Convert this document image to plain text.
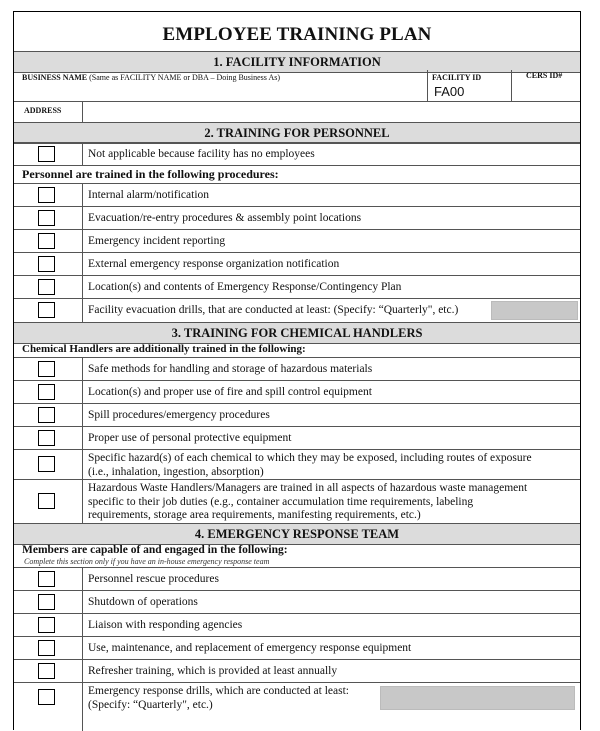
EMPLOYEE TRAINING PLAN
1. FACILITY INFORMATION
BUSINESS NAME (Same as FACILITY NAME or DBA – Doing Business As)	FACILITY ID
FA00
CERS ID#
ADDRESS
2. TRAINING FOR PERSONNEL
Not applicable because facility has no employees
Personnel are trained in the following procedures:
Internal alarm/notification
Evacuation/re-entry procedures & assembly point locations
Emergency incident reporting
External emergency response organization notification
Location(s) and contents of Emergency Response/Contingency Plan
Facility evacuation drills, that are conducted at least: (Specify: “Quarterly", etc.)
3. TRAINING FOR CHEMICAL HANDLERS
Chemical Handlers are additionally trained in the following:
Safe methods for handling and storage of hazardous materials
Location(s) and proper use of fire and spill control equipment
Spill procedures/emergency procedures
Proper use of personal protective equipment
Specific hazard(s) of each chemical to which they may be exposed, including routes of exposure
(i.e., inhalation, ingestion, absorption)
Hazardous Waste Handlers/Managers are trained in all aspects of hazardous waste management
specific to their job duties (e.g., container accumulation time requirements, labeling
requirements, storage area requirements, manifesting requirements, etc.)
4. EMERGENCY RESPONSE TEAM
Members are capable of and engaged in the following:
Complete this section only if you have an in-house emergency response team
Personnel rescue procedures
Shutdown of operations
Liaison with responding agencies
Use, maintenance, and replacement of emergency response equipment
Refresher training, which is provided at least annually
Emergency response drills, which are conducted at least:
(Specify: “Quarterly", etc.)
